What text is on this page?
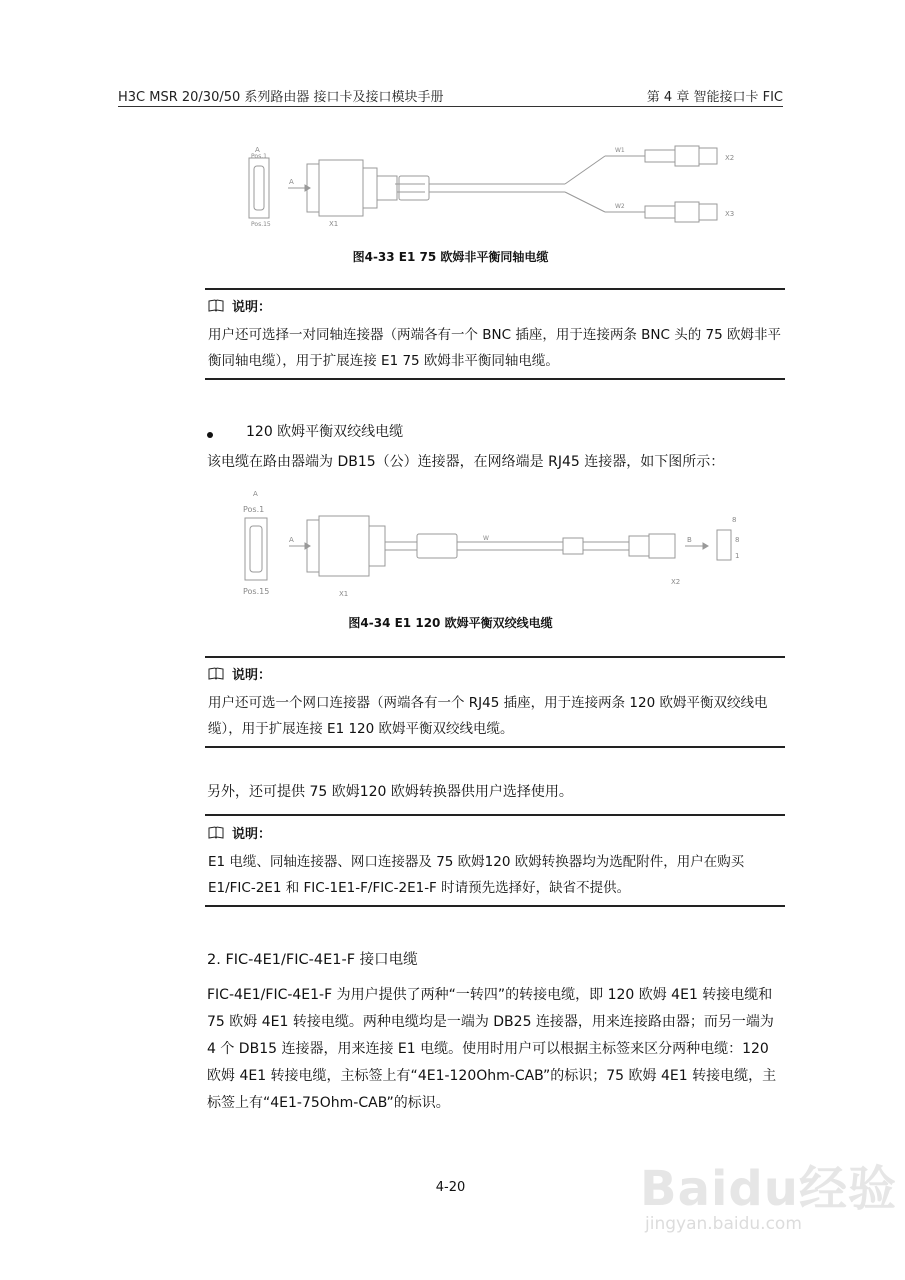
H3C MSR 20/30/50 系列路由器 接口卡及接口模块手册	第 4 章 智能接口卡 FIC
A
Pos.1
Pos.15
A
X1
W1
W2
X2
X3
图4-33 E1 75 欧姆非平衡同轴电缆
说明：
用户还可选择一对同轴连接器（两端各有一个 BNC 插座，用于连接两条 BNC 头的 75 欧姆非平衡同轴电缆），用于扩展连接 E1 75 欧姆非平衡同轴电缆。
120 欧姆平衡双绞线电缆
该电缆在路由器端为 DB15（公）连接器，在网络端是 RJ45 连接器，如下图所示：
A
Pos.1
Pos.15
A
X1
W	B
X2
8
8
1
图4-34 E1 120 欧姆平衡双绞线电缆
说明：
用户还可选一个网口连接器（两端各有一个 RJ45 插座，用于连接两条 120 欧姆平衡双绞线电缆），用于扩展连接 E1 120 欧姆平衡双绞线电缆。
另外，还可提供 75 欧姆120 欧姆转换器供用户选择使用。
说明：
E1 电缆、同轴连接器、网口连接器及 75 欧姆120 欧姆转换器均为选配附件，用户在购买 E1/FIC-2E1 和 FIC-1E1-F/FIC-2E1-F 时请预先选择好，缺省不提供。
2. FIC-4E1/FIC-4E1-F 接口电缆
FIC-4E1/FIC-4E1-F 为用户提供了两种“一转四”的转接电缆，即 120 欧姆 4E1 转接电缆和 75 欧姆 4E1 转接电缆。两种电缆均是一端为 DB25 连接器，用来连接路由器；而另一端为 4 个 DB15 连接器，用来连接 E1 电缆。使用时用户可以根据主标签来区分两种电缆：120 欧姆 4E1 转接电缆，主标签上有“4E1-120Ohm-CAB”的标识；75 欧姆 4E1 转接电缆，主标签上有“4E1-75Ohm-CAB”的标识。
4-20	Baidu经验
jingyan.baidu.com
